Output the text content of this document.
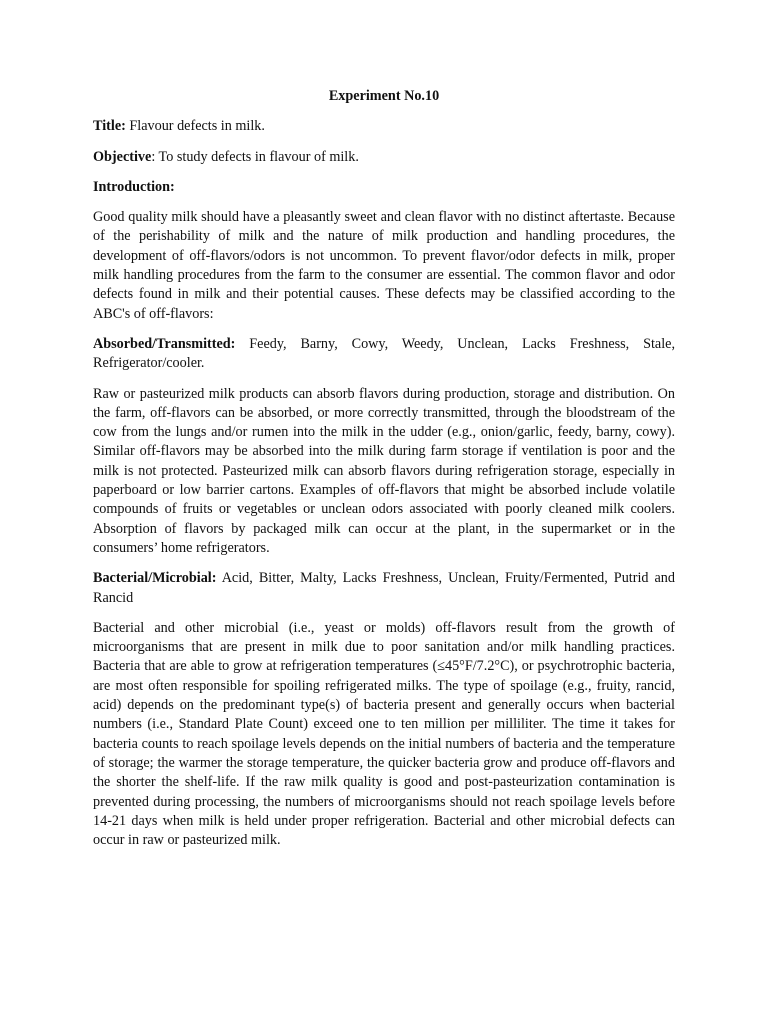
Experiment No.10

Title: Flavour defects in milk.

Objective: To study defects in flavour of milk.

Introduction:

Good quality milk should have a pleasantly sweet and clean flavor with no distinct aftertaste. Because of the perishability of milk and the nature of milk production and handling procedures, the development of off-flavors/odors is not uncommon. To prevent flavor/odor defects in milk, proper milk handling procedures from the farm to the consumer are essential. The common flavor and odor defects found in milk and their potential causes. These defects may be classified according to the ABC's of off-flavors:

Absorbed/Transmitted: Feedy, Barny, Cowy, Weedy, Unclean, Lacks Freshness, Stale, Refrigerator/cooler.

Raw or pasteurized milk products can absorb flavors during production, storage and distribution. On the farm, off-flavors can be absorbed, or more correctly transmitted, through the bloodstream of the cow from the lungs and/or rumen into the milk in the udder (e.g., onion/garlic, feedy, barny, cowy). Similar off-flavors may be absorbed into the milk during farm storage if ventilation is poor and the milk is not protected. Pasteurized milk can absorb flavors during refrigeration storage, especially in paperboard or low barrier cartons. Examples of off-flavors that might be absorbed include volatile compounds of fruits or vegetables or unclean odors associated with poorly cleaned milk coolers. Absorption of flavors by packaged milk can occur at the plant, in the supermarket or in the consumers’ home refrigerators.

Bacterial/Microbial: Acid, Bitter, Malty, Lacks Freshness, Unclean, Fruity/Fermented, Putrid and Rancid

Bacterial and other microbial (i.e., yeast or molds) off-flavors result from the growth of microorganisms that are present in milk due to poor sanitation and/or milk handling practices. Bacteria that are able to grow at refrigeration temperatures (≤45°F/7.2°C), or psychrotrophic bacteria, are most often responsible for spoiling refrigerated milks. The type of spoilage (e.g., fruity, rancid, acid) depends on the predominant type(s) of bacteria present and generally occurs when bacterial numbers (i.e., Standard Plate Count) exceed one to ten million per milliliter. The time it takes for bacteria counts to reach spoilage levels depends on the initial numbers of bacteria and the temperature of storage; the warmer the storage temperature, the quicker bacteria grow and produce off-flavors and the shorter the shelf-life. If the raw milk quality is good and post-pasteurization contamination is prevented during processing, the numbers of microorganisms should not reach spoilage levels before 14-21 days when milk is held under proper refrigeration. Bacterial and other microbial defects can occur in raw or pasteurized milk.
